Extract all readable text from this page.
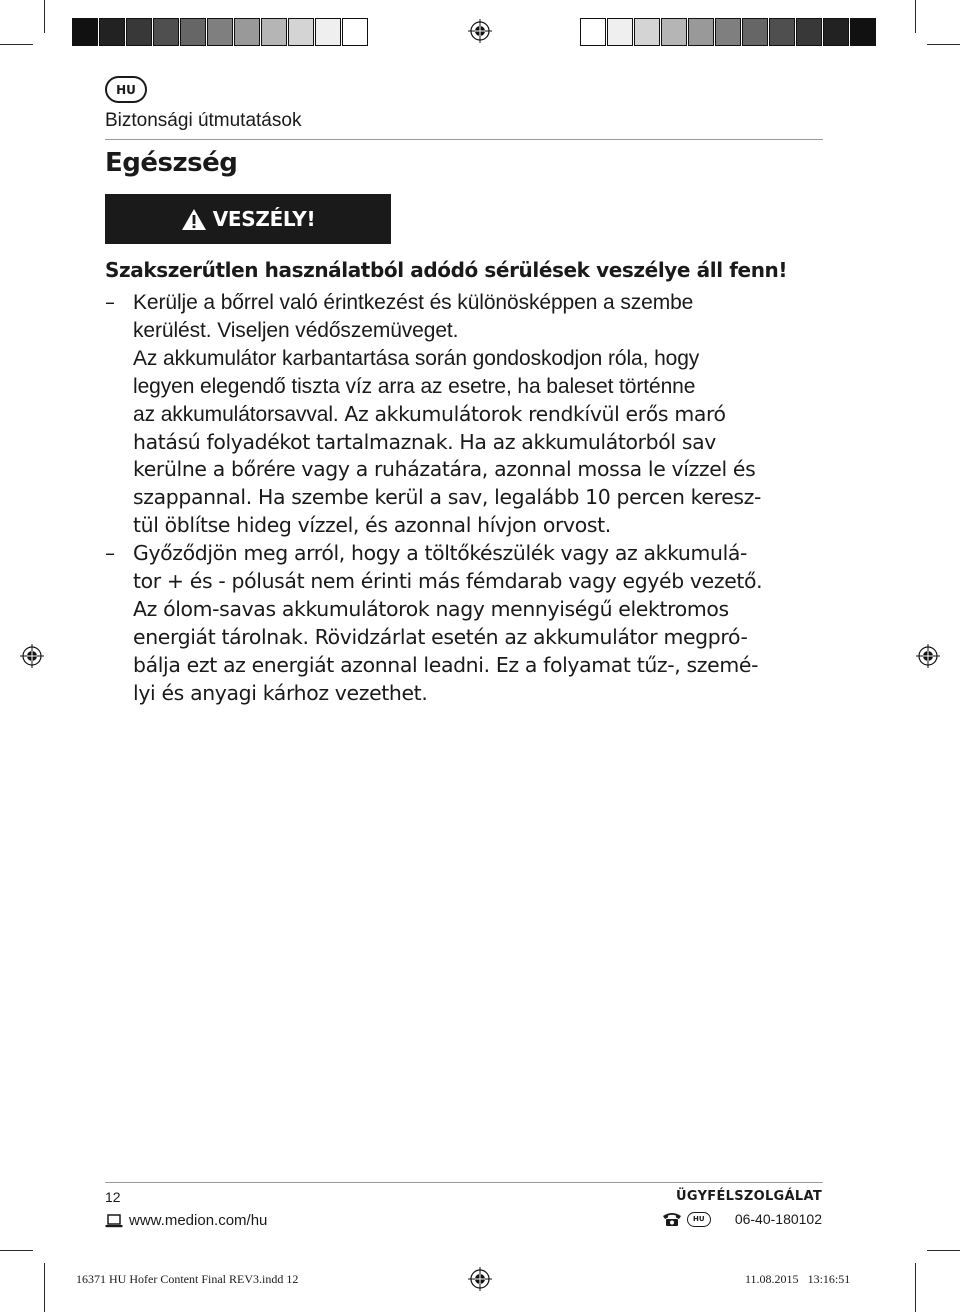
HU
Biztonsági útmutatások
Egészség
VESZÉLY!
Szakszerűtlen használatból adódó sérülések veszélye áll fenn!
– Kerülje a bőrrel való érintkezést és különösképpen a szembe
kerülést. Viseljen védőszemüveget.
Az akkumulátor karbantartása során gondoskodjon róla, hogy
legyen elegendő tiszta víz arra az esetre, ha baleset történne
az akkumulátorsavval. Az akkumulátorok rendkívül erős maró
hatású folyadékot tartalmaznak. Ha az akkumulátorból sav
kerülne a bőrére vagy a ruházatára, azonnal mossa le vízzel és
szappannal. Ha szembe kerül a sav, legalább 10 percen keresz-
tül öblítse hideg vízzel, és azonnal hívjon orvost.
– Győződjön meg arról, hogy a töltőkészülék vagy az akkumulá-
tor + és - pólusát nem érinti más fémdarab vagy egyéb vezető.
Az ólom-savas akkumulátorok nagy mennyiségű elektromos
energiát tárolnak. Rövidzárlat esetén az akkumulátor megpró-
bálja ezt az energiát azonnal leadni. Ez a folyamat tűz-, szemé-
lyi és anyagi kárhoz vezethet.
12	ÜGYFÉLSZOLGÁLAT
www.medion.com/hu	HU	06-40-180102
16371 HU Hofer Content Final REV3.indd 12	11.08.2015 13:16:51
